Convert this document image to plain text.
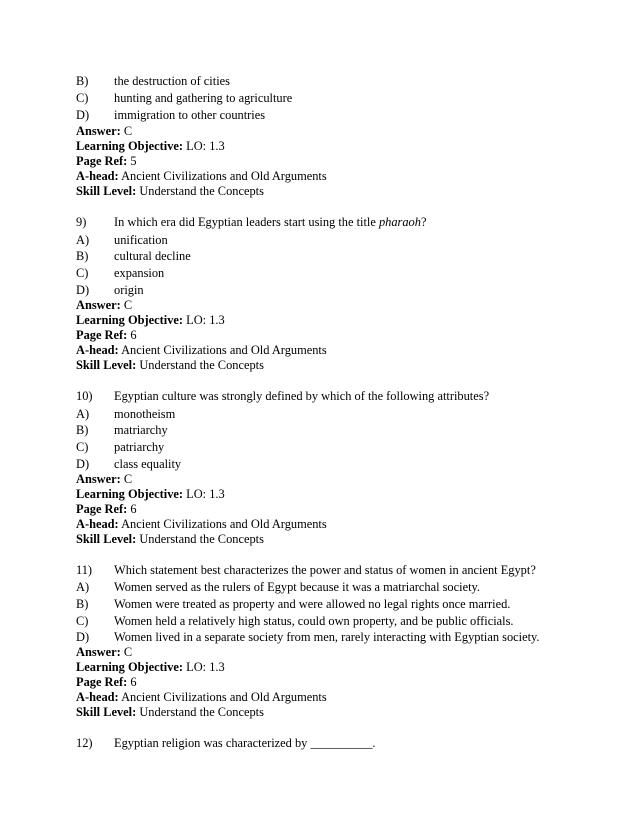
B) the destruction of cities
C) hunting and gathering to agriculture
D) immigration to other countries
Answer: C
Learning Objective: LO: 1.3
Page Ref: 5
A-head: Ancient Civilizations and Old Arguments
Skill Level: Understand the Concepts
9) In which era did Egyptian leaders start using the title pharaoh?
A) unification
B) cultural decline
C) expansion
D) origin
Answer: C
Learning Objective: LO: 1.3
Page Ref: 6
A-head: Ancient Civilizations and Old Arguments
Skill Level: Understand the Concepts
10) Egyptian culture was strongly defined by which of the following attributes?
A) monotheism
B) matriarchy
C) patriarchy
D) class equality
Answer: C
Learning Objective: LO: 1.3
Page Ref: 6
A-head: Ancient Civilizations and Old Arguments
Skill Level: Understand the Concepts
11) Which statement best characterizes the power and status of women in ancient Egypt?
A) Women served as the rulers of Egypt because it was a matriarchal society.
B) Women were treated as property and were allowed no legal rights once married.
C) Women held a relatively high status, could own property, and be public officials.
D) Women lived in a separate society from men, rarely interacting with Egyptian society.
Answer: C
Learning Objective: LO: 1.3
Page Ref: 6
A-head: Ancient Civilizations and Old Arguments
Skill Level: Understand the Concepts
12) Egyptian religion was characterized by __________.
